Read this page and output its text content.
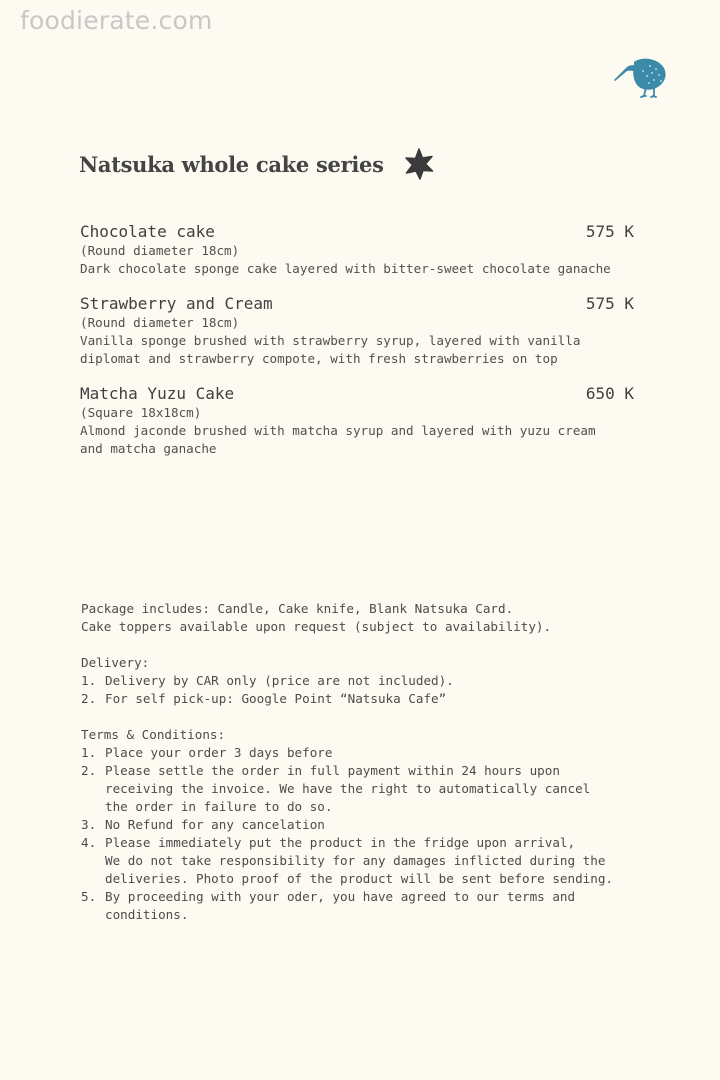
foodierate.com
Natsuka whole cake series
Chocolate cake	575 K
(Round diameter 18cm)
Dark chocolate sponge cake layered with bitter-sweet chocolate ganache
Strawberry and Cream	575 K
(Round diameter 18cm)
Vanilla sponge brushed with strawberry syrup, layered with vanilla
diplomat and strawberry compote, with fresh strawberries on top
Matcha Yuzu Cake	650 K
(Square 18x18cm)
Almond jaconde brushed with matcha syrup and layered with yuzu cream
and matcha ganache
Package includes: Candle, Cake knife, Blank Natsuka Card.
Cake toppers available upon request (subject to availability).
Delivery:
1. Delivery by CAR only (price are not included).
2. For self pick-up: Google Point “Natsuka Cafe”
Terms & Conditions:
1. Place your order 3 days before
2. Please settle the order in full payment within 24 hours upon
receiving the invoice. We have the right to automatically cancel
the order in failure to do so.
3. No Refund for any cancelation
4. Please immediately put the product in the fridge upon arrival,
We do not take responsibility for any damages inflicted during the
deliveries. Photo proof of the product will be sent before sending.
5. By proceeding with your oder, you have agreed to our terms and
conditions.
